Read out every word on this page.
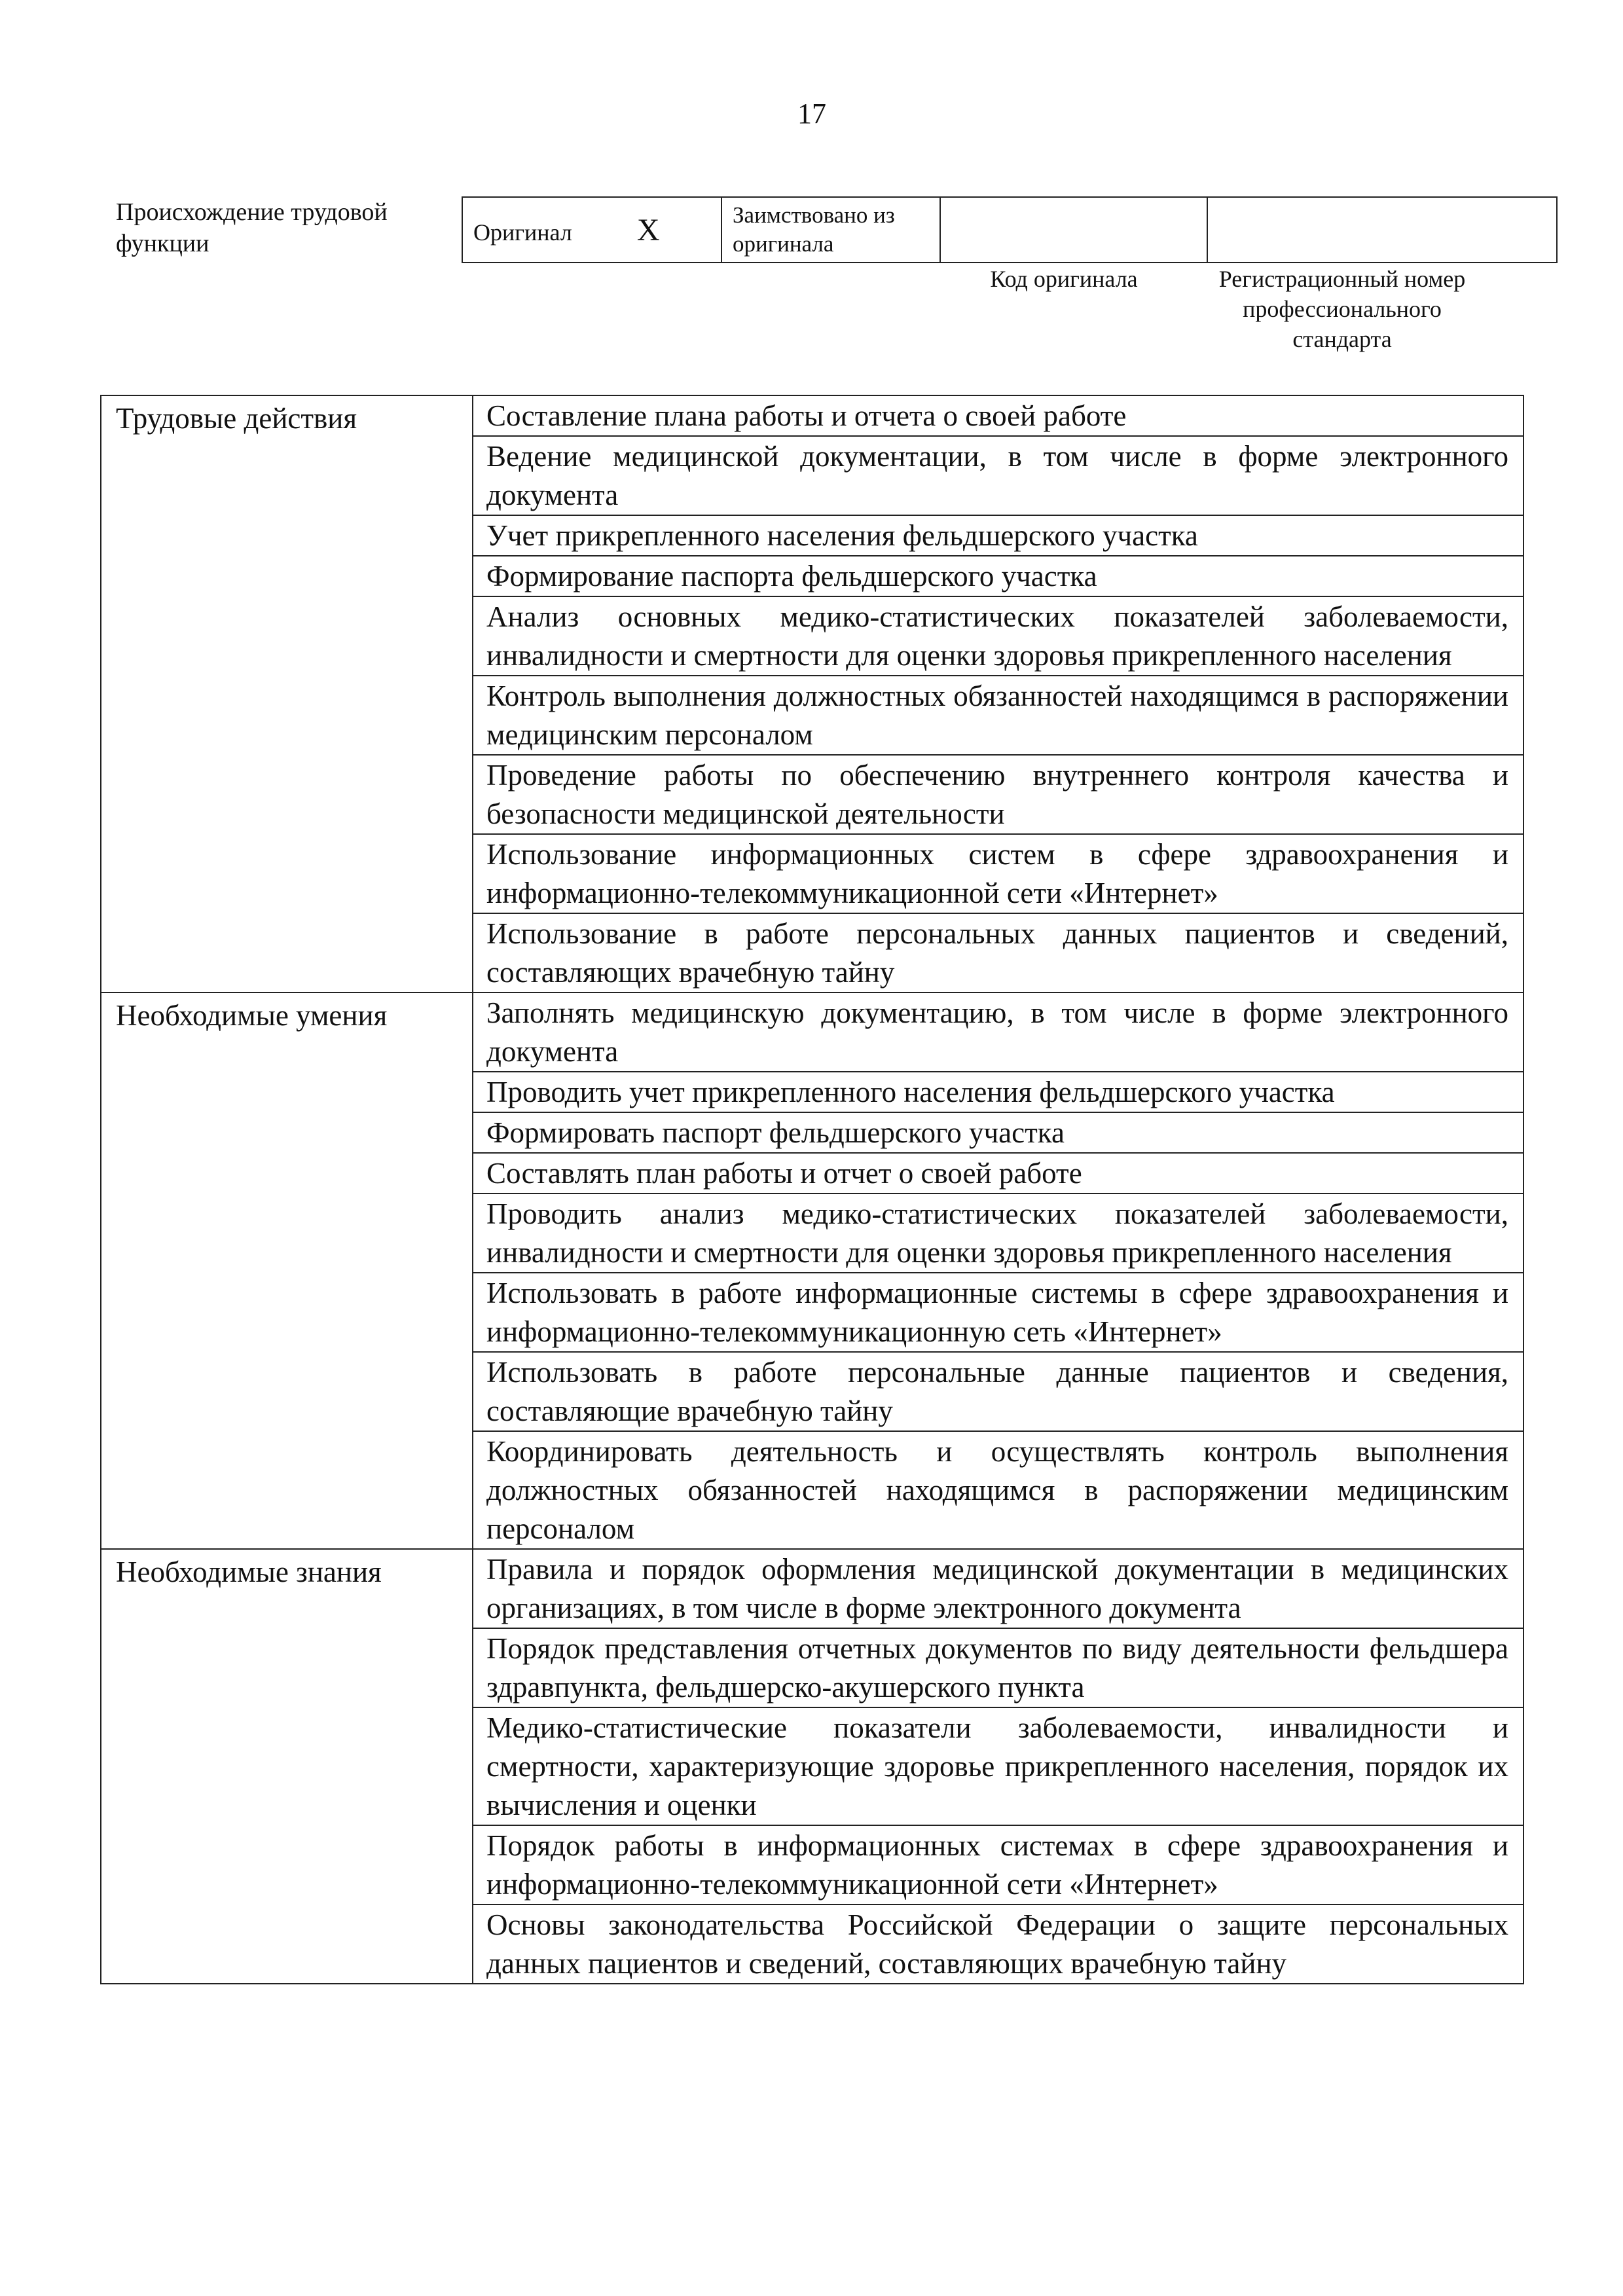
17
Происхождение трудовой функции	Оригинал X	Заимствовано из оригинала		
Код оригинала	Регистрационный номер профессионального стандарта
Трудовые действия	Составление плана работы и отчета о своей работе
	Ведение медицинской документации, в том числе в форме электронного документа
	Учет прикрепленного населения фельдшерского участка
	Формирование паспорта фельдшерского участка
	Анализ основных медико-статистических показателей заболеваемости, инвалидности и смертности для оценки здоровья прикрепленного населения
	Контроль выполнения должностных обязанностей находящимся в распоряжении медицинским персоналом
	Проведение работы по обеспечению внутреннего контроля качества и безопасности медицинской деятельности
	Использование информационных систем в сфере здравоохранения и информационно-телекоммуникационной сети «Интернет»
	Использование в работе персональных данных пациентов и сведений, составляющих врачебную тайну
Необходимые умения	Заполнять медицинскую документацию, в том числе в форме электронного документа
	Проводить учет прикрепленного населения фельдшерского участка
	Формировать паспорт фельдшерского участка
	Составлять план работы и отчет о своей работе
	Проводить анализ медико-статистических показателей заболеваемости, инвалидности и смертности для оценки здоровья прикрепленного населения
	Использовать в работе информационные системы в сфере здравоохранения и информационно-телекоммуникационную сеть «Интернет»
	Использовать в работе персональные данные пациентов и сведения, составляющие врачебную тайну
	Координировать деятельность и осуществлять контроль выполнения должностных обязанностей находящимся в распоряжении медицинским персоналом
Необходимые знания	Правила и порядок оформления медицинской документации в медицинских организациях, в том числе в форме электронного документа
	Порядок представления отчетных документов по виду деятельности фельдшера здравпункта, фельдшерско-акушерского пункта
	Медико-статистические показатели заболеваемости, инвалидности и смертности, характеризующие здоровье прикрепленного населения, порядок их вычисления и оценки
	Порядок работы в информационных системах в сфере здравоохранения и информационно-телекоммуникационной сети «Интернет»
	Основы законодательства Российской Федерации о защите персональных данных пациентов и сведений, составляющих врачебную тайну
